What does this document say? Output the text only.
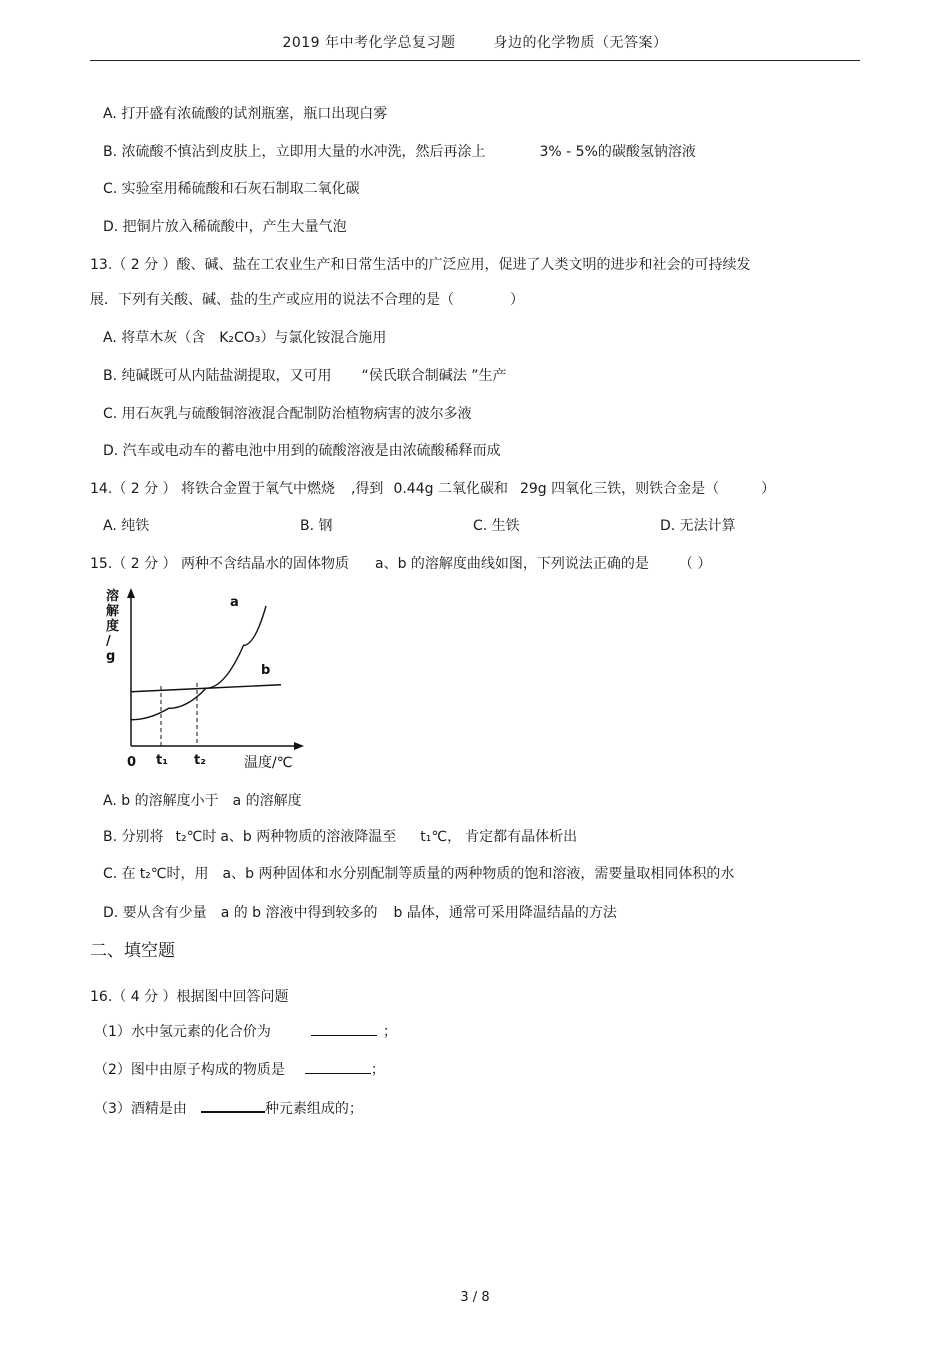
2019 年中考化学总复习题	身边的化学物质（无答案）
A. 打开盛有浓硫酸的试剂瓶塞，瓶口出现白雾
B. 浓硫酸不慎沾到皮肤上，立即用大量的水冲洗，然后再涂上	3% - 5%的碳酸氢钠溶液
C. 实验室用稀硫酸和石灰石制取二氧化碳
D. 把铜片放入稀硫酸中，产生大量气泡
13.（ 2 分 ）酸、碱、盐在工农业生产和日常生活中的广泛应用，促进了人类文明的进步和社会的可持续发
展．下列有关酸、碱、盐的生产或应用的说法不合理的是（　　　　）
A. 将草木灰（含 K₂CO₃）与氯化铵混合施用
B. 纯碱既可从内陆盐湖提取，又可用 “侯氏联合制碱法 ”生产
C. 用石灰乳与硫酸铜溶液混合配制防治植物病害的波尔多液
D. 汽车或电动车的蓄电池中用到的硫酸溶液是由浓硫酸稀释而成
14.（ 2 分 ） 将铁合金置于氧气中燃烧 ,得到 0.44g 二氧化碳和 29g 四氧化三铁，则铁合金是（　　　）
A. 纯铁	B. 钢	C. 生铁	D. 无法计算
15.（ 2 分 ） 两种不含结晶水的固体物质 a、b 的溶解度曲线如图，下列说法正确的是 （ ）
溶解度/ g
0 t₁ t₂	温度/℃
a
b
A. b 的溶解度小于　a 的溶解度
B. 分别将 t₂℃时 a、b 两种物质的溶液降温至 t₁℃， 肯定都有晶体析出
C. 在 t₂℃时，用　a、b 两种固体和水分别配制等质量的两种物质的饱和溶液，需要量取相同体积的水
D. 要从含有少量 a 的 b 溶液中得到较多的 b 晶体，通常可采用降温结晶的方法
二、填空题
16.（ 4 分 ）根据图中回答问题
（1）水中氢元素的化合价为	；
（2）图中由原子构成的物质是	；
（3）酒精是由	种元素组成的；
3 / 8
